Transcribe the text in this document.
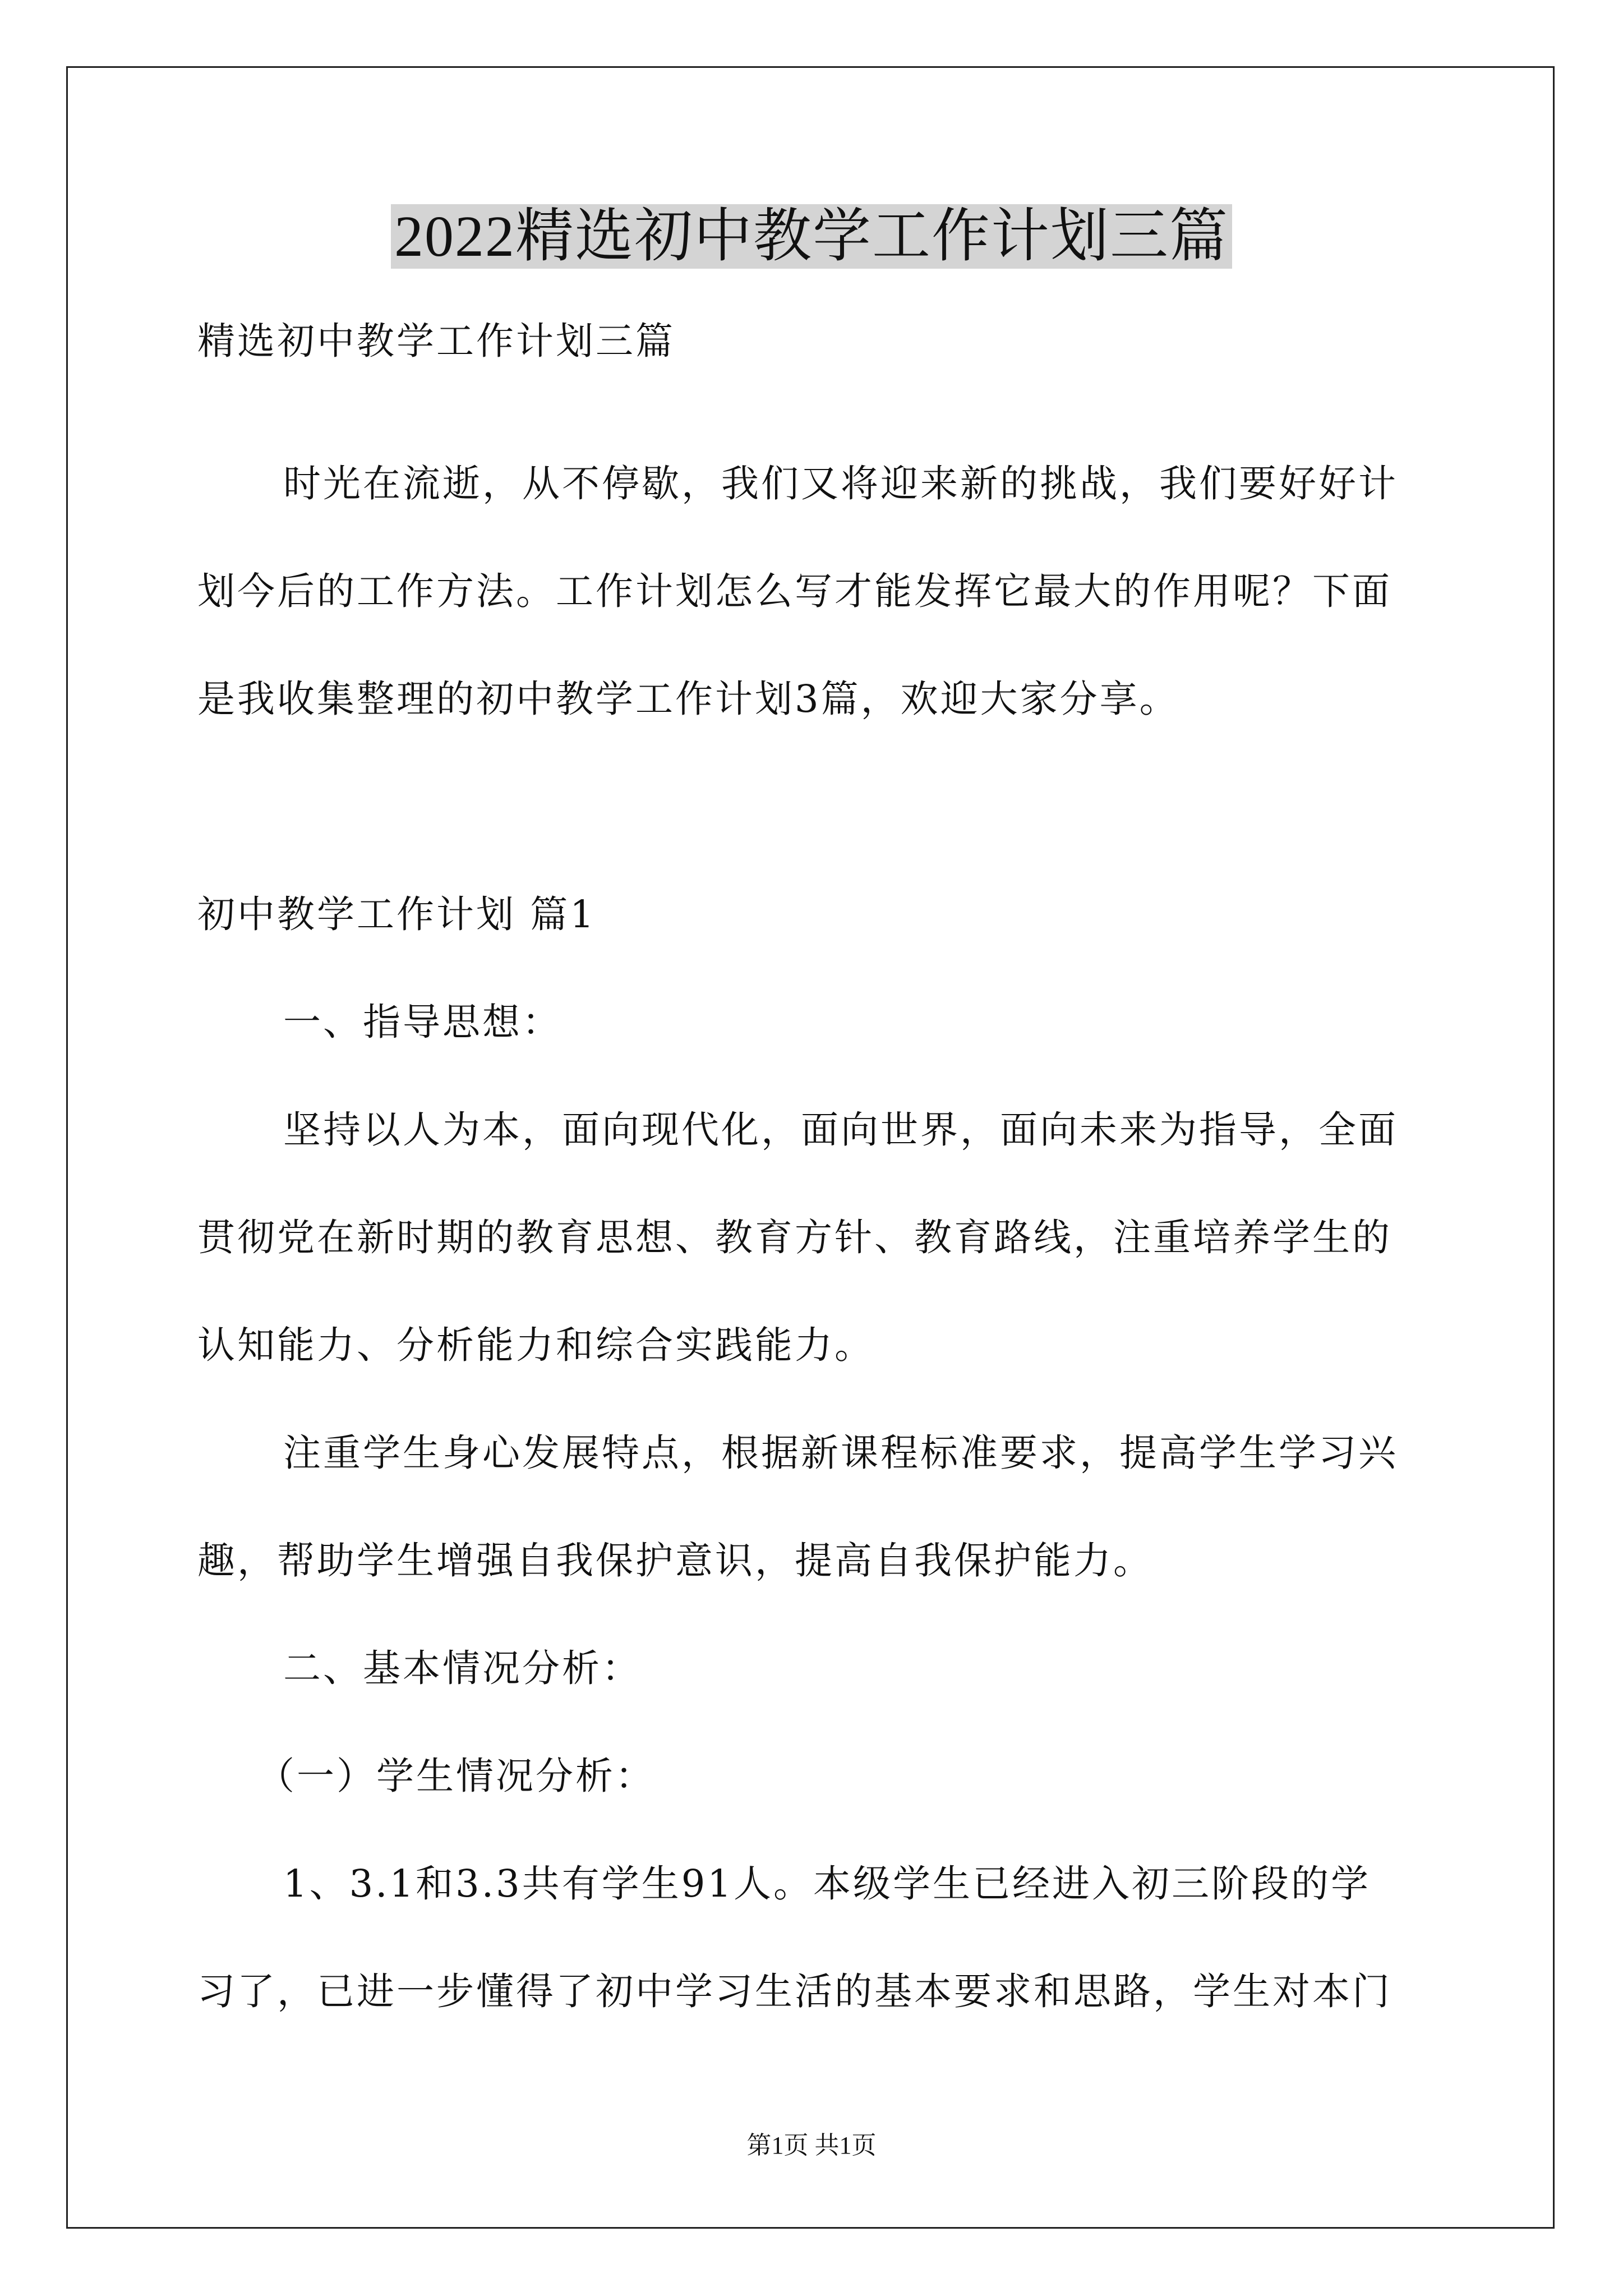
2022精选初中教学工作计划三篇
精选初中教学工作计划三篇
时光在流逝，从不停歇，我们又将迎来新的挑战，我们要好好计
划今后的工作方法。工作计划怎么写才能发挥它最大的作用呢？下面
是我收集整理的初中教学工作计划3篇，欢迎大家分享。
初中教学工作计划 篇1
一、指导思想：
坚持以人为本，面向现代化，面向世界，面向未来为指导，全面
贯彻党在新时期的教育思想、教育方针、教育路线，注重培养学生的
认知能力、分析能力和综合实践能力。
注重学生身心发展特点，根据新课程标准要求，提高学生学习兴
趣，帮助学生增强自我保护意识，提高自我保护能力。
二、基本情况分析：
（一）学生情况分析：
1、3.1和3.3共有学生91人。本级学生已经进入初三阶段的学
习了，已进一步懂得了初中学习生活的基本要求和思路，学生对本门
第1页 共1页
